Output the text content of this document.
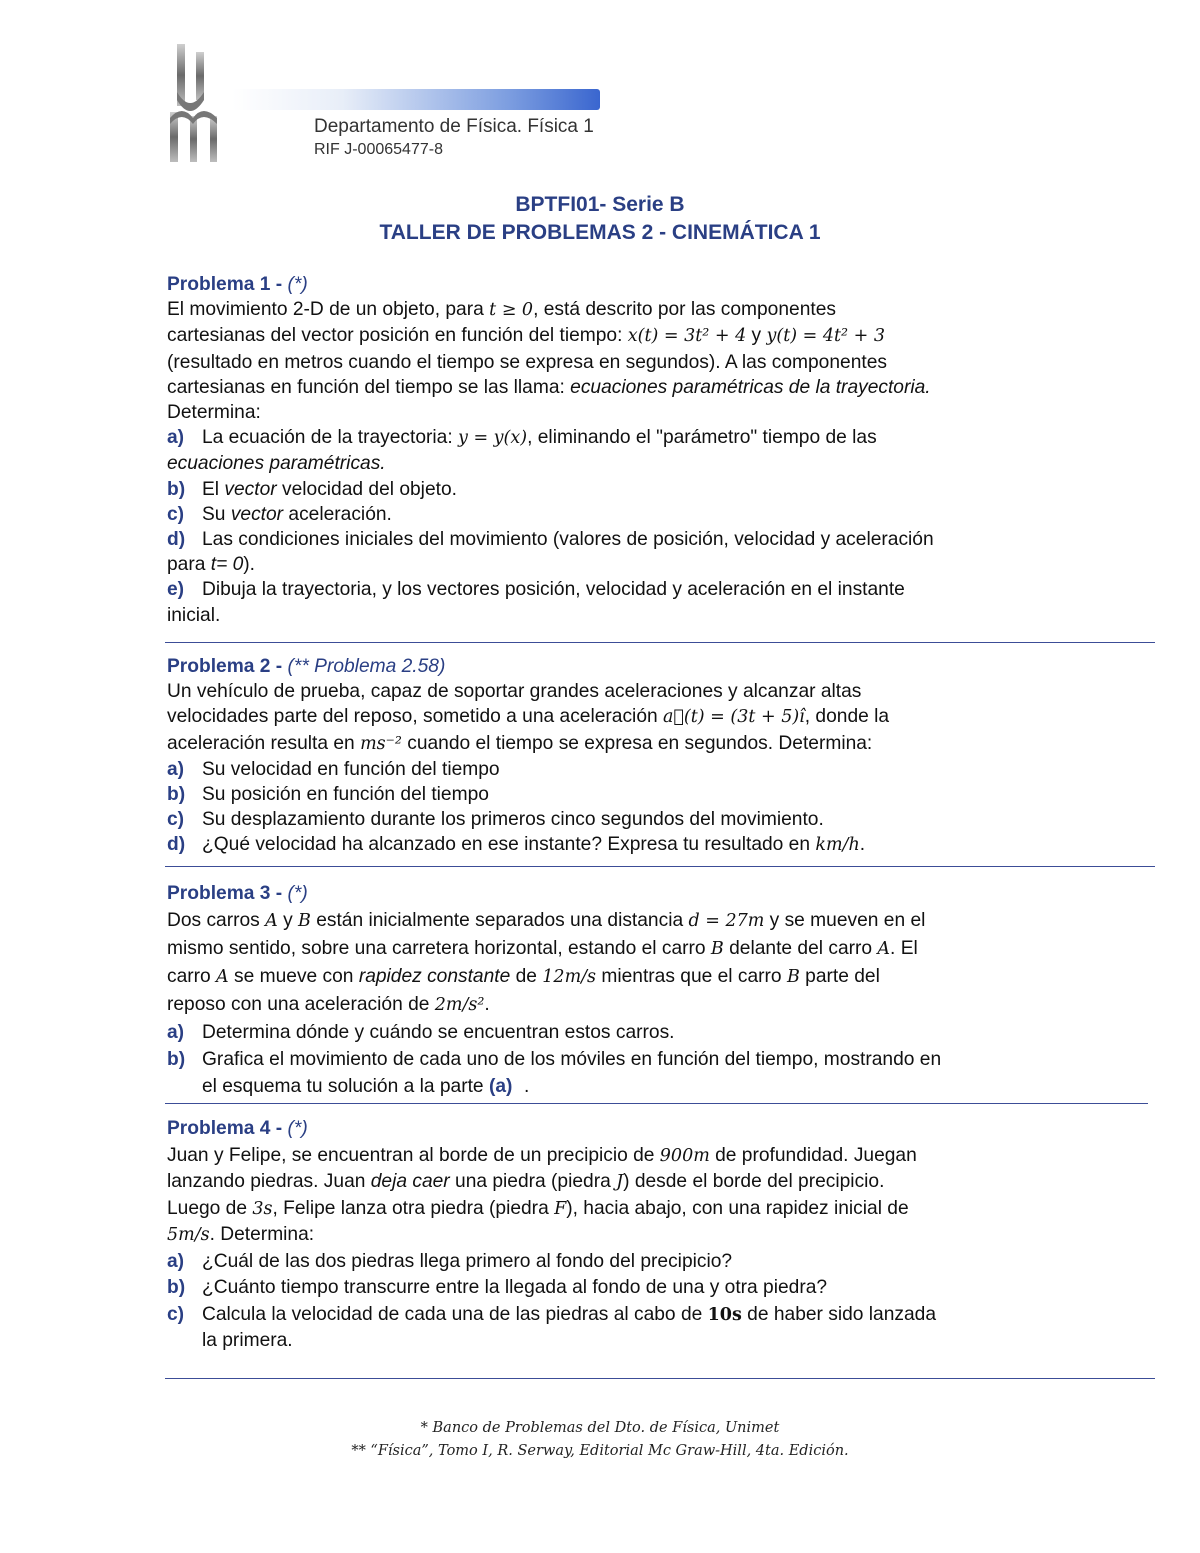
Departamento de Física. Física 1
RIF J-00065477-8
BPTFI01- Serie B
TALLER DE PROBLEMAS 2 - CINEMÁTICA 1
Problema 1 - (*)
El movimiento 2-D de un objeto, para t ≥ 0, está descrito por las componentes
cartesianas del vector posición en función del tiempo: x(t) = 3t² + 4 y y(t) = 4t² + 3
(resultado en metros cuando el tiempo se expresa en segundos). A las componentes
cartesianas en función del tiempo se las llama: ecuaciones paramétricas de la trayectoria.
Determina:
a) La ecuación de la trayectoria: y = y(x), eliminando el "parámetro" tiempo de las
ecuaciones paramétricas.
b) El vector velocidad del objeto.
c) Su vector aceleración.
d) Las condiciones iniciales del movimiento (valores de posición, velocidad y aceleración
para t= 0).
e) Dibuja la trayectoria, y los vectores posición, velocidad y aceleración en el instante
inicial.
Problema 2 - (** Problema 2.58)
Un vehículo de prueba, capaz de soportar grandes aceleraciones y alcanzar altas
velocidades parte del reposo, sometido a una aceleración a⃗(t) = (3t + 5)î, donde la
aceleración resulta en ms⁻² cuando el tiempo se expresa en segundos. Determina:
a) Su velocidad en función del tiempo
b) Su posición en función del tiempo
c) Su desplazamiento durante los primeros cinco segundos del movimiento.
d) ¿Qué velocidad ha alcanzado en ese instante? Expresa tu resultado en km/h.
Problema 3 - (*)
Dos carros A y B están inicialmente separados una distancia d = 27m y se mueven en el
mismo sentido, sobre una carretera horizontal, estando el carro B delante del carro A. El
carro A se mueve con rapidez constante de 12m/s mientras que el carro B parte del
reposo con una aceleración de 2m/s².
a) Determina dónde y cuándo se encuentran estos carros.
b) Grafica el movimiento de cada uno de los móviles en función del tiempo, mostrando en
el esquema tu solución a la parte (a) .
Problema 4 - (*)
Juan y Felipe, se encuentran al borde de un precipicio de 900m de profundidad. Juegan
lanzando piedras. Juan deja caer una piedra (piedra J) desde el borde del precipicio.
Luego de 3s, Felipe lanza otra piedra (piedra F), hacia abajo, con una rapidez inicial de
5m/s. Determina:
a) ¿Cuál de las dos piedras llega primero al fondo del precipicio?
b) ¿Cuánto tiempo transcurre entre la llegada al fondo de una y otra piedra?
c) Calcula la velocidad de cada una de las piedras al cabo de 10s de haber sido lanzada
la primera.
* Banco de Problemas del Dto. de Física, Unimet
** “Física”, Tomo I, R. Serway, Editorial Mc Graw-Hill, 4ta. Edición.
